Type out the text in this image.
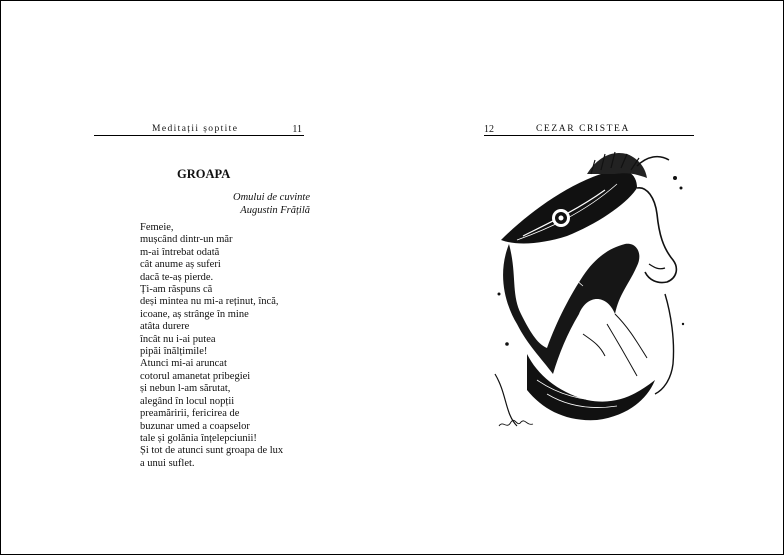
Meditații șoptite	11	12	CEZAR CRISTEA
GROAPA
Omului de cuvinte
Augustin Frățilă
Femeie,
mușcând dintr-un măr
m-ai întrebat odată
cât anume aș suferi
dacă te-aș pierde.
Ți-am răspuns că
deși mintea nu mi-a reținut, încă,
icoane, aș strânge în mine
atâta durere
încât nu i-ai putea
pipăi înălțimile!
Atunci mi-ai aruncat
cotorul amanetat pribegiei
și nebun l-am sărutat,
alegând în locul nopții
preamăririi, fericirea de
buzunar umed a coapselor
tale și golănia înțelepciunii!
Și tot de atunci sunt groapa de lux
a unui suflet.
